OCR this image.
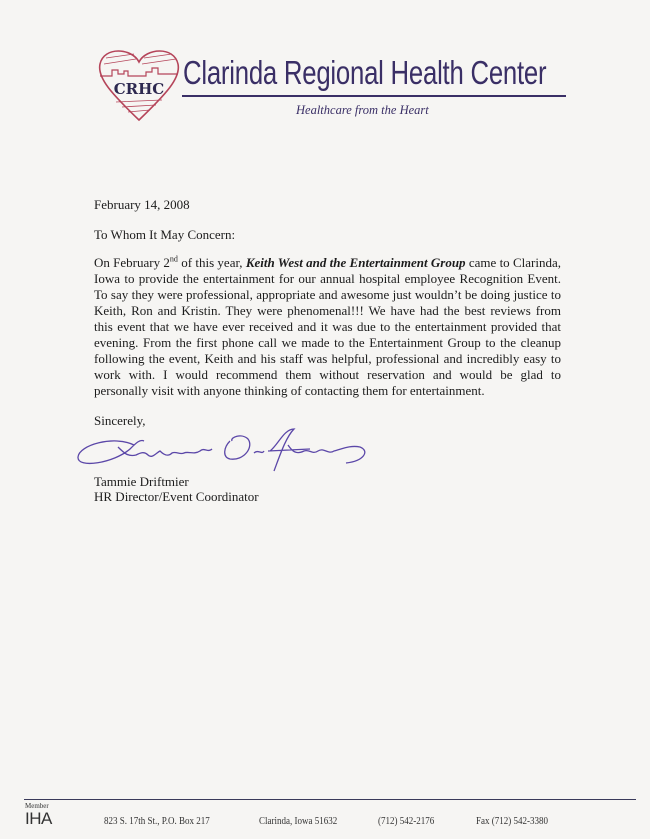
CRHC Clarinda Regional Health Center
Healthcare from the Heart
February 14, 2008
To Whom It May Concern:
On February 2nd of this year, Keith West and the Entertainment Group came to Clarinda, Iowa to provide the entertainment for our annual hospital employee Recognition Event. To say they were professional, appropriate and awesome just wouldn’t be doing justice to Keith, Ron and Kristin. They were phenomenal!!! We have had the best reviews from this event that we have ever received and it was due to the entertainment provided that evening. From the first phone call we made to the Entertainment Group to the cleanup following the event, Keith and his staff was helpful, professional and incredibly easy to work with. I would recommend them without reservation and would be glad to personally visit with anyone thinking of contacting them for entertainment.
Sincerely,
Tammie Driftmier
HR Director/Event Coordinator
Member
IHA	823 S. 17th St., P.O. Box 217	Clarinda, Iowa 51632	(712) 542-2176	Fax (712) 542-3380
